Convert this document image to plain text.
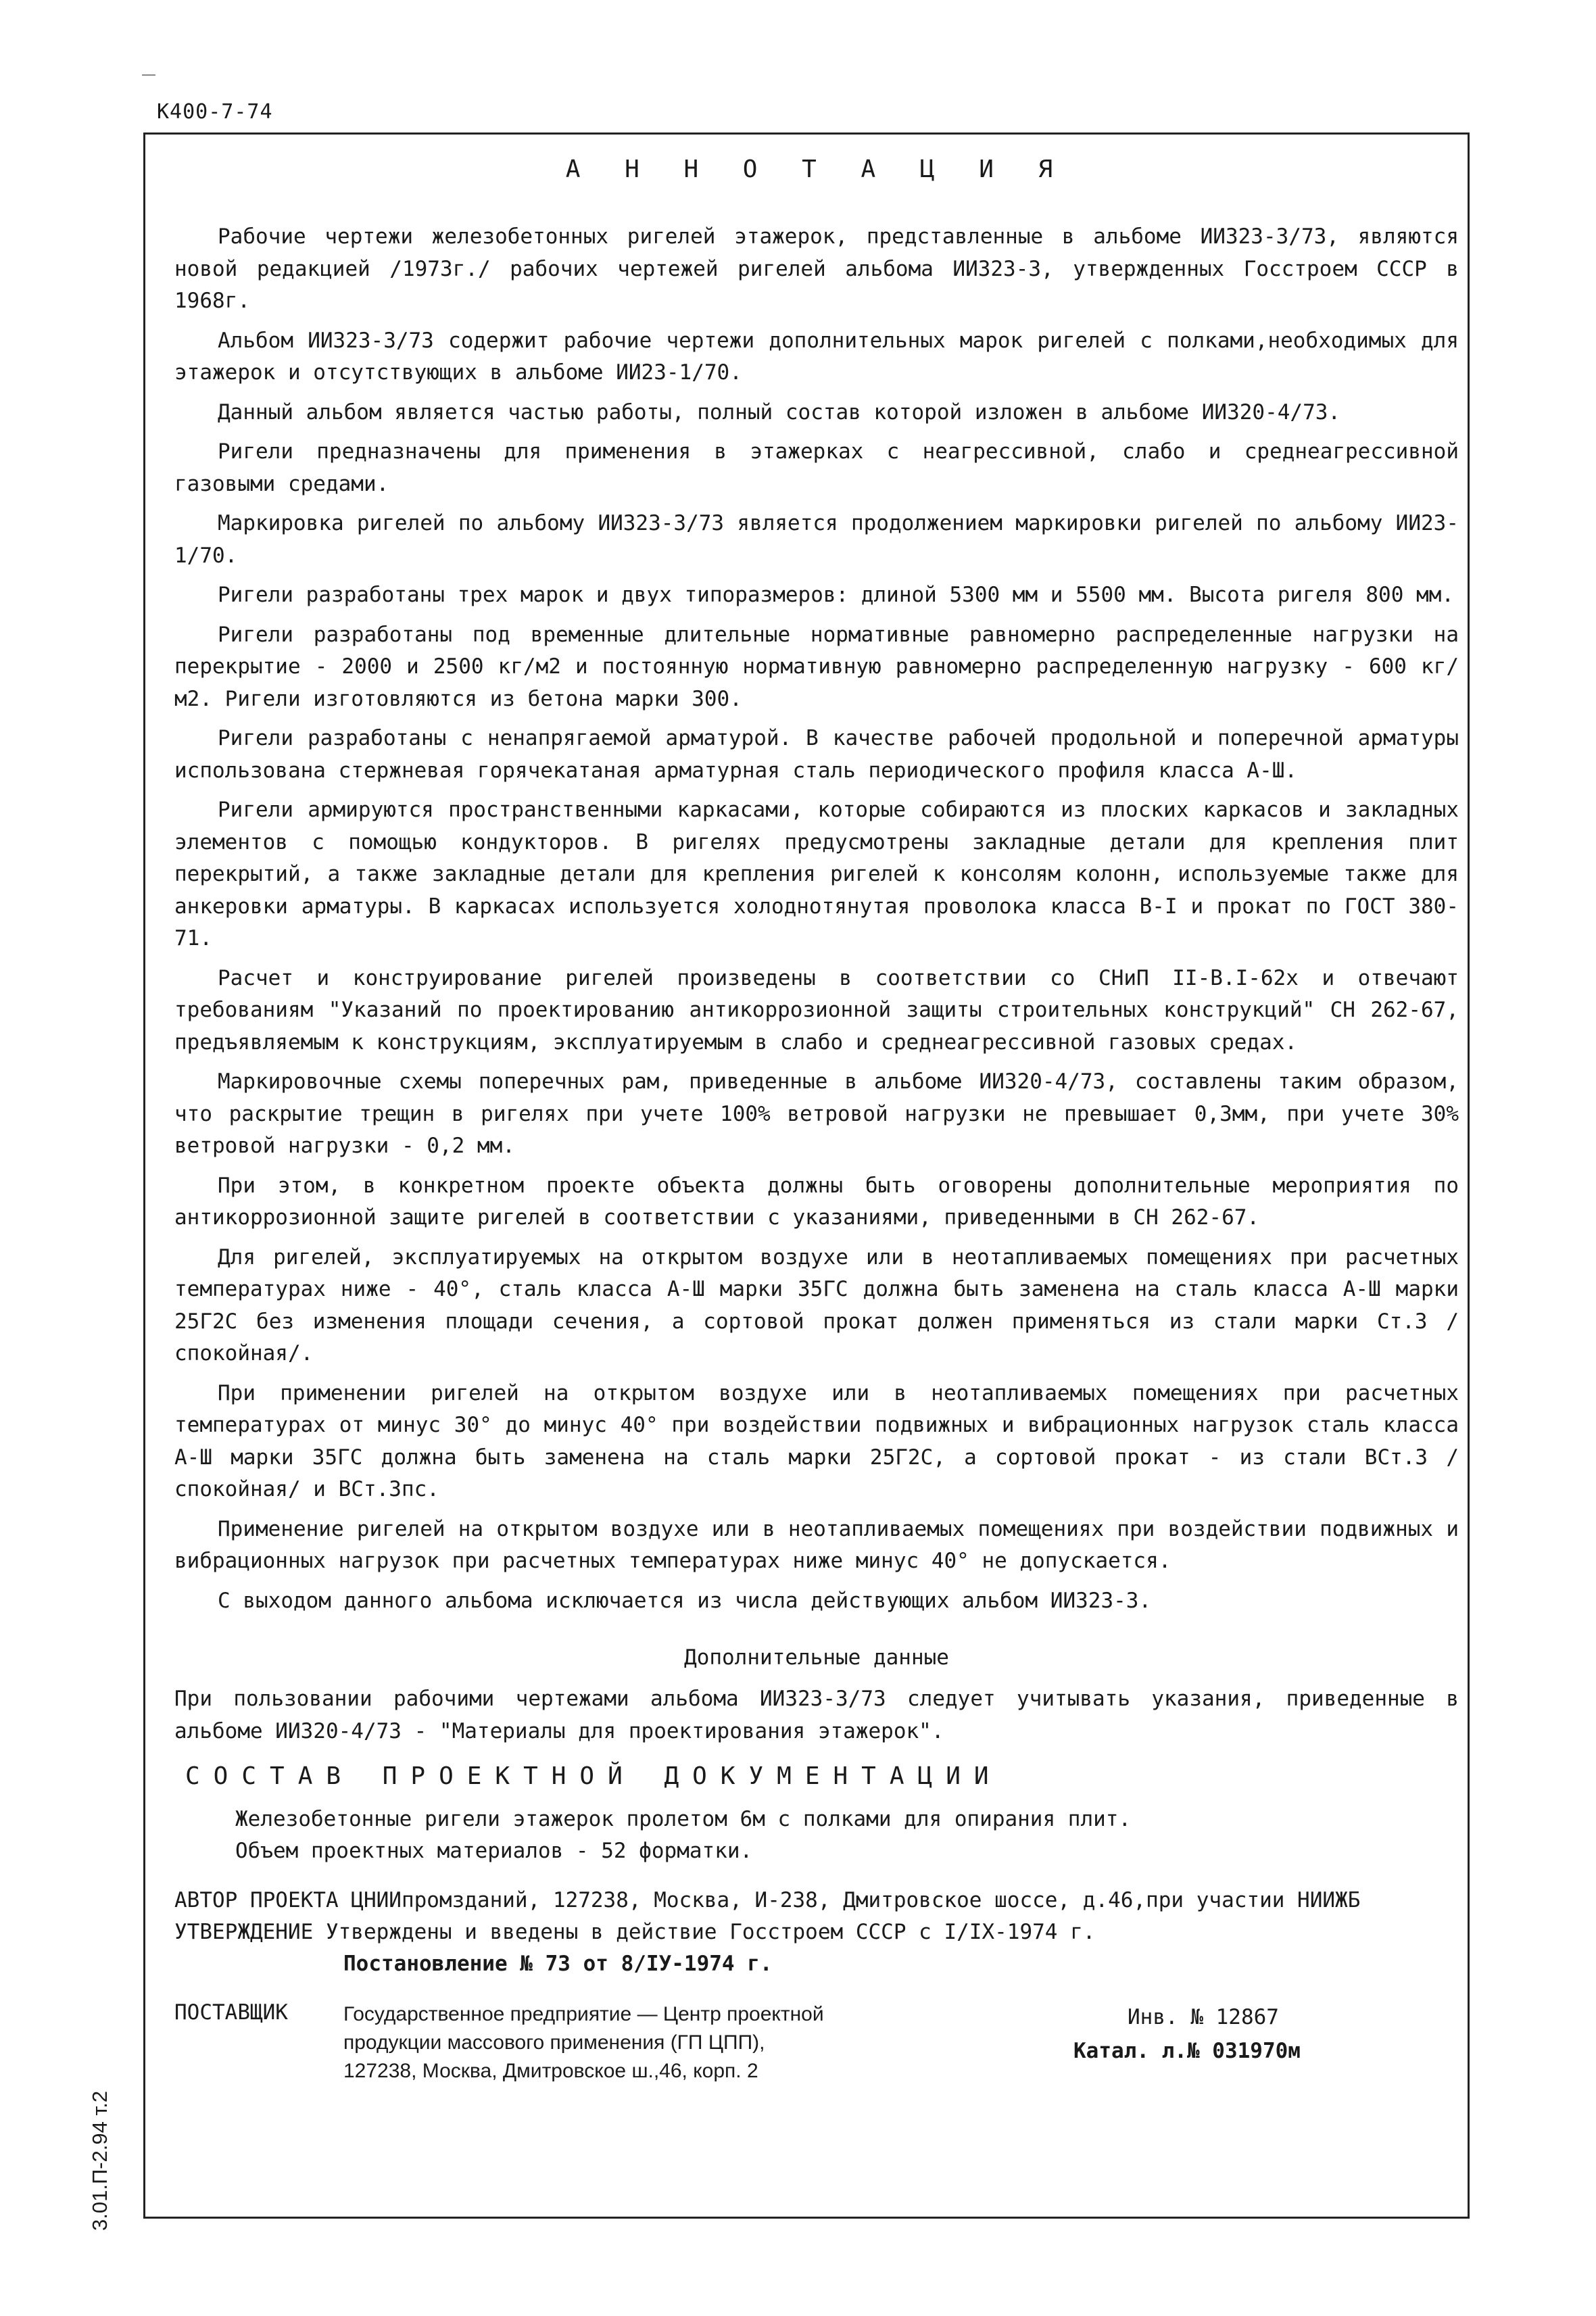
К400-7-74
А Н Н О Т А Ц И Я

Рабочие чертежи железобетонных ригелей этажерок, представленные в альбоме ИИ323-3/73, являются новой редакцией /1973г./ рабочих чертежей ригелей альбома ИИ323-3, утвержденных Госстроем СССР в 1968г.

Альбом ИИ323-3/73 содержит рабочие чертежи дополнительных марок ригелей с полками,необходимых для этажерок и отсутствующих в альбоме ИИ23-1/70.

Данный альбом является частью работы, полный состав которой изложен в альбоме ИИ320-4/73.

Ригели предназначены для применения в этажерках с неагрессивной, слабо и среднеагрессивной газовыми средами.

Маркировка ригелей по альбому ИИ323-3/73 является продолжением маркировки ригелей по альбому ИИ23-1/70.

Ригели разработаны трех марок и двух типоразмеров: длиной 5300 мм и 5500 мм. Высота ригеля 800 мм.

Ригели разработаны под временные длительные нормативные равномерно распределенные нагрузки на перекрытие - 2000 и 2500 кг/м2 и постоянную нормативную равномерно распределенную нагрузку - 600 кг/м2. Ригели изготовляются из бетона марки 300.

Ригели разработаны с ненапрягаемой арматурой. В качестве рабочей продольной и поперечной арматуры использована стержневая горячекатаная арматурная сталь периодического профиля класса А-Ш.

Ригели армируются пространственными каркасами, которые собираются из плоских каркасов и закладных элементов с помощью кондукторов. В ригелях предусмотрены закладные детали для крепления плит перекрытий, а также закладные детали для крепления ригелей к консолям колонн, используемые также для анкеровки арматуры. В каркасах используется холоднотянутая проволока класса В-I и прокат по ГОСТ 380-71.

Расчет и конструирование ригелей произведены в соответствии со СНиП II-В.I-62х и отвечают требованиям "Указаний по проектированию антикоррозионной защиты строительных конструкций" СН 262-67, предъявляемым к конструкциям, эксплуатируемым в слабо и среднеагрессивной газовых средах.

Маркировочные схемы поперечных рам, приведенные в альбоме ИИ320-4/73, составлены таким образом, что раскрытие трещин в ригелях при учете 100% ветровой нагрузки не превышает 0,3мм, при учете 30% ветровой нагрузки - 0,2 мм.

При этом, в конкретном проекте объекта должны быть оговорены дополнительные мероприятия по антикоррозионной защите ригелей в соответствии с указаниями, приведенными в СН 262-67.

Для ригелей, эксплуатируемых на открытом воздухе или в неотапливаемых помещениях при расчетных температурах ниже - 40°, сталь класса А-Ш марки 35ГС должна быть заменена на сталь класса А-Ш марки 25Г2С без изменения площади сечения, а сортовой прокат должен применяться из стали марки Ст.3 /спокойная/.

При применении ригелей на открытом воздухе или в неотапливаемых помещениях при расчетных температурах от минус 30° до минус 40° при воздействии подвижных и вибрационных нагрузок сталь класса А-Ш марки 35ГС должна быть заменена на сталь марки 25Г2С, а сортовой прокат - из стали ВСт.3 /спокойная/ и ВСт.3пс.

Применение ригелей на открытом воздухе или в неотапливаемых помещениях при воздействии подвижных и вибрационных нагрузок при расчетных температурах ниже минус 40° не допускается.

С выходом данного альбома исключается из числа действующих альбом ИИ323-3.

Дополнительные данные
При пользовании рабочими чертежами альбома ИИ323-3/73 следует учитывать указания, приведенные в альбоме ИИ320-4/73 - "Материалы для проектирования этажерок".
СОСТАВ ПРОЕКТНОЙ ДОКУМЕНТАЦИИ
Железобетонные ригели этажерок пролетом 6м с полками для опирания плит.
Объем проектных материалов - 52 форматки.
АВТОР ПРОЕКТА ЦНИИпромзданий, 127238, Москва, И-238, Дмитровское шоссе, д.46,при участии НИИЖБ
УТВЕРЖДЕНИЕ Утверждены и введены в действие Госстроем СССР с I/IX-1974 г.
Постановление № 73 от 8/IУ-1974 г.
ПОСТАВЩИК	Государственное предприятие — Центр проектной
продукции массового применения (ГП ЦПП),
127238, Москва, Дмитровское ш.,46, корп. 2
Инв. № 12867
Катал. л.№ 031970м
3.01.П-2.94 т.2
